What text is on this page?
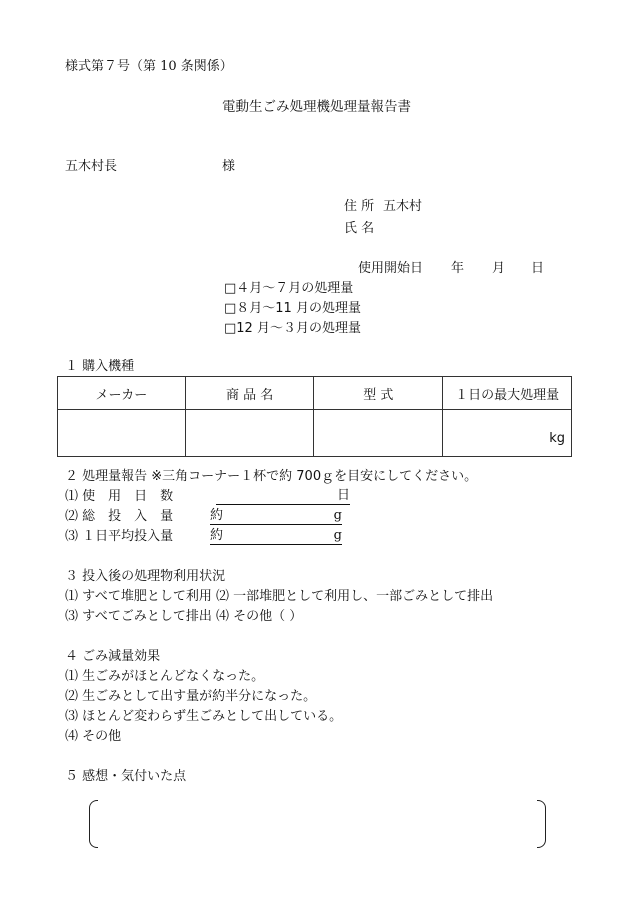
様式第７号（第 10 条関係）
電動生ごみ処理機処理量報告書
五木村長	様
住 所 五木村
氏 名
使用開始日 年 月 日
□４月～７月の処理量
□８月～11 月の処理量
□12 月～３月の処理量
１ 購入機種
メーカー	商 品 名	型 式	１日の最大処理量
			kg
２ 処理量報告 ※三角コーナー１杯で約 700ｇを目安にしてください。
⑴ 使　用　日　数	日
⑵ 総　投　入　量	約	g
⑶ １日平均投入量	約	g
３ 投入後の処理物利用状況
⑴ すべて堆肥として利用 ⑵ 一部堆肥として利用し、一部ごみとして排出
⑶ すべてごみとして排出 ⑷ その他（ ）
４ ごみ減量効果
⑴ 生ごみがほとんどなくなった。
⑵ 生ごみとして出す量が約半分になった。
⑶ ほとんど変わらず生ごみとして出している。
⑷ その他
５ 感想・気付いた点
